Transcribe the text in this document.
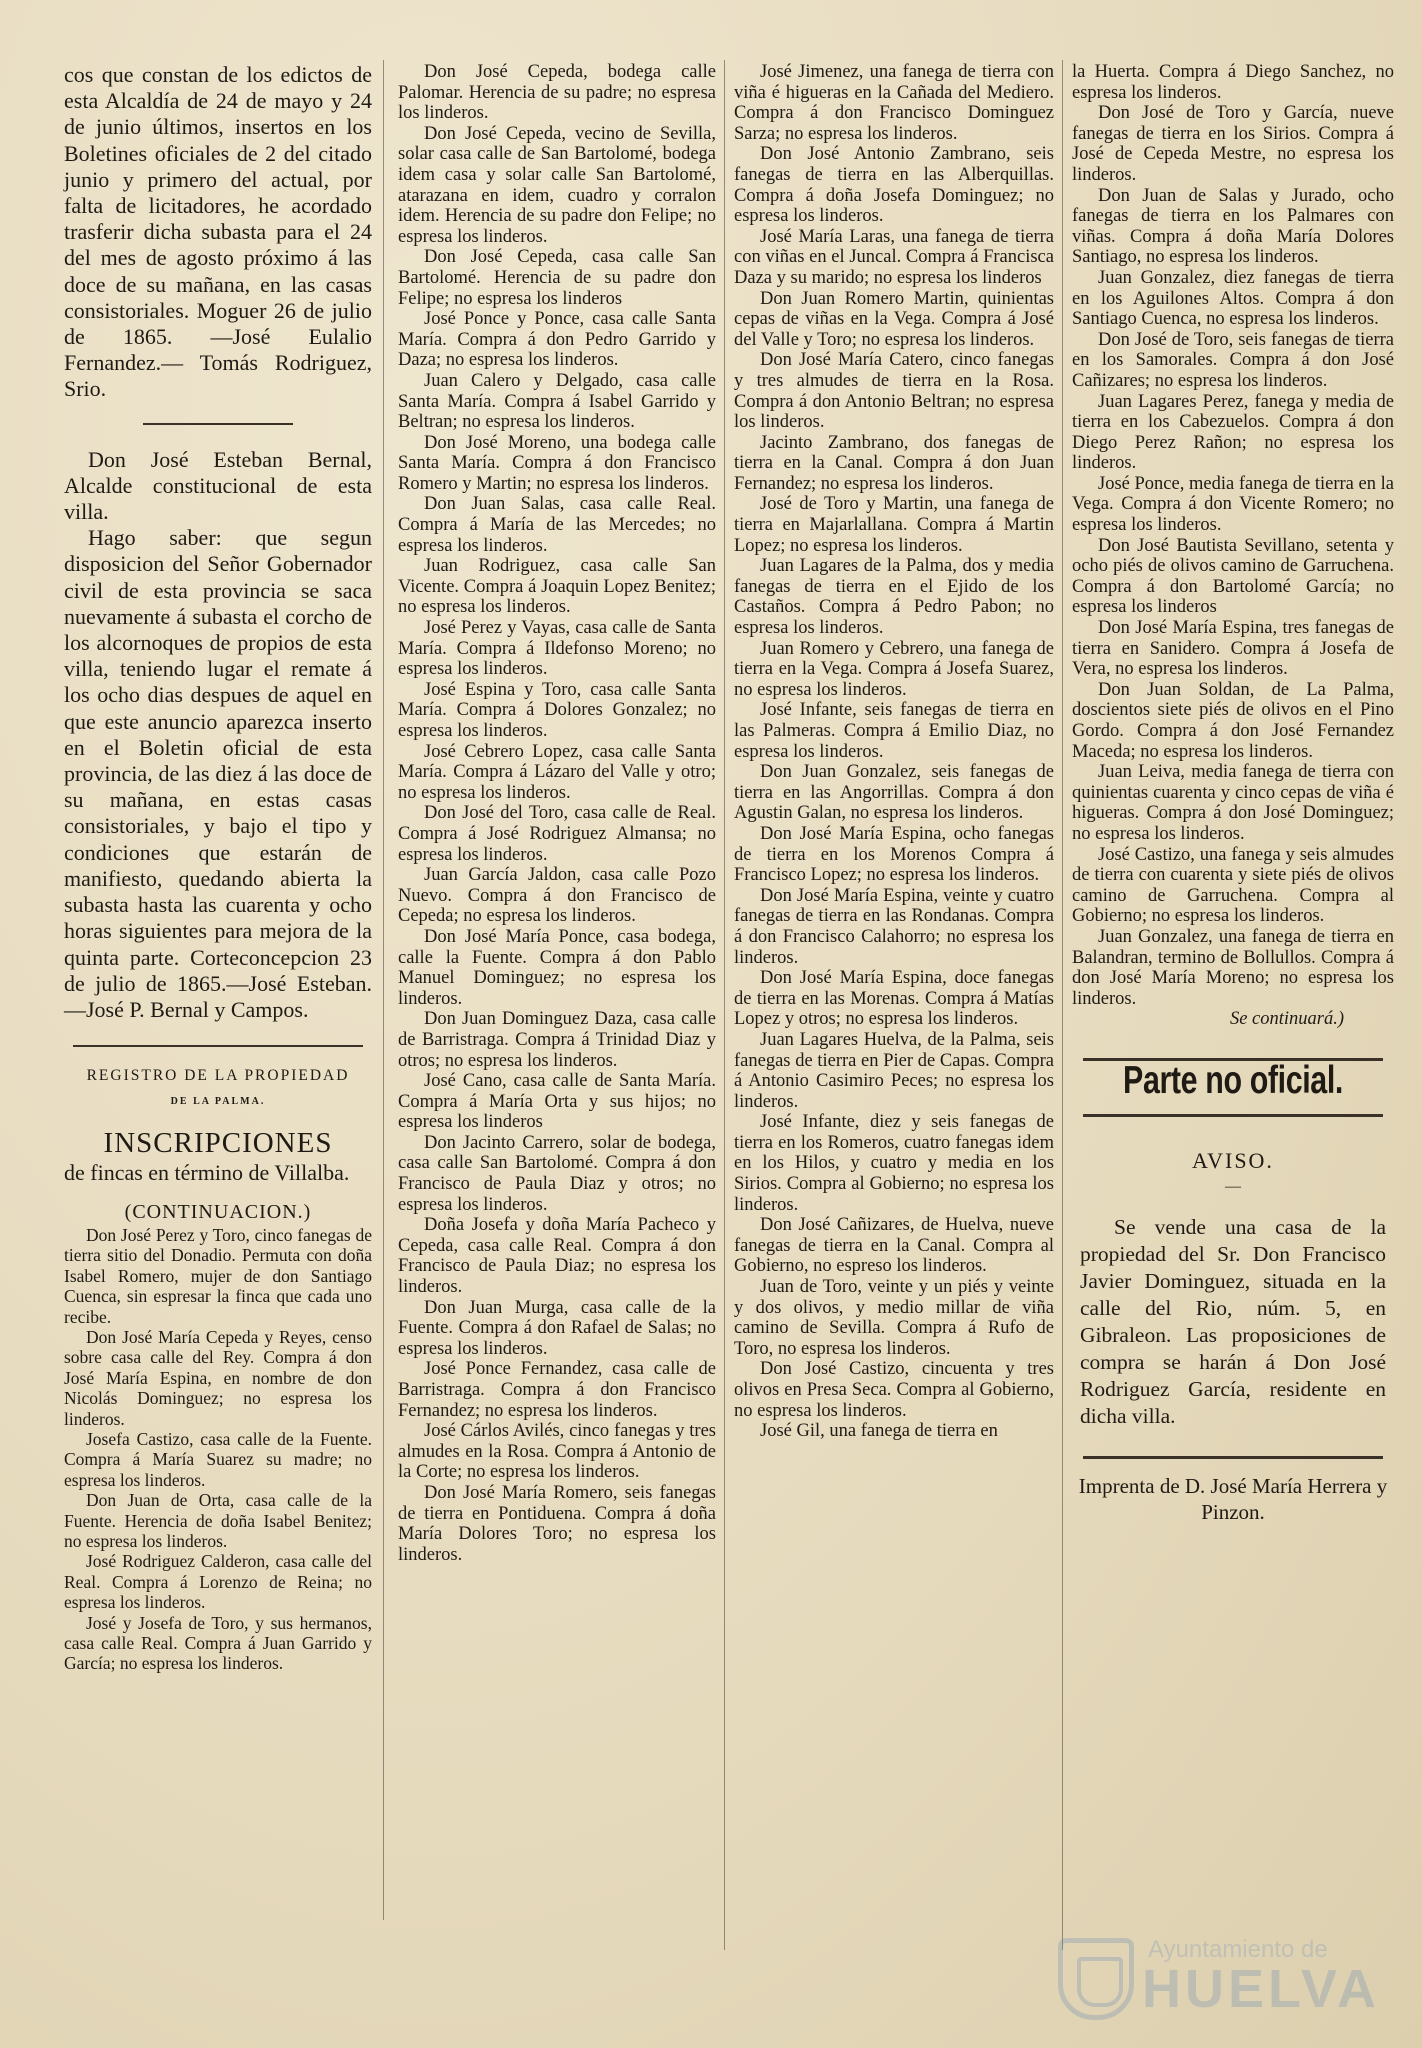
cos que constan de los edictos de esta Alcaldía de 24 de mayo y 24 de junio últimos, insertos en los Boletines oficiales de 2 del citado junio y primero del actual, por falta de licitadores, he acordado trasferir dicha subasta para el 24 del mes de agosto próximo á las doce de su mañana, en las casas consistoriales. Moguer 26 de julio de 1865. —José Eulalio Fernandez.— Tomás Rodriguez, Srio.

Don José Esteban Bernal, Alcalde constitucional de esta villa.

Hago saber: que segun disposicion del Señor Gobernador civil de esta provincia se saca nuevamente á subasta el corcho de los alcornoques de propios de esta villa, teniendo lugar el remate á los ocho dias despues de aquel en que este anuncio aparezca inserto en el Boletin oficial de esta provincia, de las diez á las doce de su mañana, en estas casas consistoriales, y bajo el tipo y condiciones que estarán de manifiesto, quedando abierta la subasta hasta las cuarenta y ocho horas siguientes para mejora de la quinta parte. Corteconcepcion 23 de julio de 1865.—José Esteban.—José P. Bernal y Campos.

REGISTRO DE LA PROPIEDAD
DE LA PALMA.
INSCRIPCIONES
de fincas en término de Villalba.
(CONTINUACION.)

Don José Perez y Toro, cinco fanegas de tierra sitio del Donadio. Permuta con doña Isabel Romero, mujer de don Santiago Cuenca, sin espresar la finca que cada uno recibe.

Don José María Cepeda y Reyes, censo sobre casa calle del Rey. Compra á don José María Espina, en nombre de don Nicolás Dominguez; no espresa los linderos.

Josefa Castizo, casa calle de la Fuente. Compra á María Suarez su madre; no espresa los linderos.

Don Juan de Orta, casa calle de la Fuente. Herencia de doña Isabel Benitez; no espresa los linderos.

José Rodriguez Calderon, casa calle del Real. Compra á Lorenzo de Reina; no espresa los linderos.

José y Josefa de Toro, y sus hermanos, casa calle Real. Compra á Juan Garrido y García; no espresa los linderos.

Don José Cepeda, bodega calle Palomar. Herencia de su padre; no espresa los linderos.

Don José Cepeda, vecino de Sevilla, solar casa calle de San Bartolomé, bodega idem casa y solar calle San Bartolomé, atarazana en idem, cuadro y corralon idem. Herencia de su padre don Felipe; no espresa los linderos.

Don José Cepeda, casa calle San Bartolomé. Herencia de su padre don Felipe; no espresa los linderos

José Ponce y Ponce, casa calle Santa María. Compra á don Pedro Garrido y Daza; no espresa los linderos.

Juan Calero y Delgado, casa calle Santa María. Compra á Isabel Garrido y Beltran; no espresa los linderos.

Don José Moreno, una bodega calle Santa María. Compra á don Francisco Romero y Martin; no espresa los linderos.

Don Juan Salas, casa calle Real. Compra á María de las Mercedes; no espresa los linderos.

Juan Rodriguez, casa calle San Vicente. Compra á Joaquin Lopez Benitez; no espresa los linderos.

José Perez y Vayas, casa calle de Santa María. Compra á Ildefonso Moreno; no espresa los linderos.

José Espina y Toro, casa calle Santa María. Compra á Dolores Gonzalez; no espresa los linderos.

José Cebrero Lopez, casa calle Santa María. Compra á Lázaro del Valle y otro; no espresa los linderos.

Don José del Toro, casa calle de Real. Compra á José Rodriguez Almansa; no espresa los linderos.

Juan García Jaldon, casa calle Pozo Nuevo. Compra á don Francisco de Cepeda; no espresa los linderos.

Don José María Ponce, casa bodega, calle la Fuente. Compra á don Pablo Manuel Dominguez; no espresa los linderos.

Don Juan Dominguez Daza, casa calle de Barristraga. Compra á Trinidad Diaz y otros; no espresa los linderos.

José Cano, casa calle de Santa María. Compra á María Orta y sus hijos; no espresa los linderos

Don Jacinto Carrero, solar de bodega, casa calle San Bartolomé. Compra á don Francisco de Paula Diaz y otros; no espresa los linderos.

Doña Josefa y doña María Pacheco y Cepeda, casa calle Real. Compra á don Francisco de Paula Diaz; no espresa los linderos.

Don Juan Murga, casa calle de la Fuente. Compra á don Rafael de Salas; no espresa los linderos.

José Ponce Fernandez, casa calle de Barristraga. Compra á don Francisco Fernandez; no espresa los linderos.

José Cárlos Avilés, cinco fanegas y tres almudes en la Rosa. Compra á Antonio de la Corte; no espresa los linderos.

Don José María Romero, seis fanegas de tierra en Pontiduena. Compra á doña María Dolores Toro; no espresa los linderos.

José Jimenez, una fanega de tierra con viña é higueras en la Cañada del Mediero. Compra á don Francisco Dominguez Sarza; no espresa los linderos.

Don José Antonio Zambrano, seis fanegas de tierra en las Alberquillas. Compra á doña Josefa Dominguez; no espresa los linderos.

José María Laras, una fanega de tierra con viñas en el Juncal. Compra á Francisca Daza y su marido; no espresa los linderos

Don Juan Romero Martin, quinientas cepas de viñas en la Vega. Compra á José del Valle y Toro; no espresa los linderos.

Don José María Catero, cinco fanegas y tres almudes de tierra en la Rosa. Compra á don Antonio Beltran; no espresa los linderos.

Jacinto Zambrano, dos fanegas de tierra en la Canal. Compra á don Juan Fernandez; no espresa los linderos.

José de Toro y Martin, una fanega de tierra en Majarlallana. Compra á Martin Lopez; no espresa los linderos.

Juan Lagares de la Palma, dos y media fanegas de tierra en el Ejido de los Castaños. Compra á Pedro Pabon; no espresa los linderos.

Juan Romero y Cebrero, una fanega de tierra en la Vega. Compra á Josefa Suarez, no espresa los linderos.

José Infante, seis fanegas de tierra en las Palmeras. Compra á Emilio Diaz, no espresa los linderos.

Don Juan Gonzalez, seis fanegas de tierra en las Angorrillas. Compra á don Agustin Galan, no espresa los linderos.

Don José María Espina, ocho fanegas de tierra en los Morenos Compra á Francisco Lopez; no espresa los linderos.

Don José María Espina, veinte y cuatro fanegas de tierra en las Rondanas. Compra á don Francisco Calahorro; no espresa los linderos.

Don José María Espina, doce fanegas de tierra en las Morenas. Compra á Matías Lopez y otros; no espresa los linderos.

Juan Lagares Huelva, de la Palma, seis fanegas de tierra en Pier de Capas. Compra á Antonio Casimiro Peces; no espresa los linderos.

José Infante, diez y seis fanegas de tierra en los Romeros, cuatro fanegas idem en los Hilos, y cuatro y media en los Sirios. Compra al Gobierno; no espresa los linderos.

Don José Cañizares, de Huelva, nueve fanegas de tierra en la Canal. Compra al Gobierno, no espreso los linderos.

Juan de Toro, veinte y un piés y veinte y dos olivos, y medio millar de viña camino de Sevilla. Compra á Rufo de Toro, no espresa los linderos.

Don José Castizo, cincuenta y tres olivos en Presa Seca. Compra al Gobierno, no espresa los linderos.

José Gil, una fanega de tierra en

la Huerta. Compra á Diego Sanchez, no espresa los linderos.

Don José de Toro y García, nueve fanegas de tierra en los Sirios. Compra á José de Cepeda Mestre, no espresa los linderos.

Don Juan de Salas y Jurado, ocho fanegas de tierra en los Palmares con viñas. Compra á doña María Dolores Santiago, no espresa los linderos.

Juan Gonzalez, diez fanegas de tierra en los Aguilones Altos. Compra á don Santiago Cuenca, no espresa los linderos.

Don José de Toro, seis fanegas de tierra en los Samorales. Compra á don José Cañizares; no espresa los linderos.

Juan Lagares Perez, fanega y media de tierra en los Cabezuelos. Compra á don Diego Perez Rañon; no espresa los linderos.

José Ponce, media fanega de tierra en la Vega. Compra á don Vicente Romero; no espresa los linderos.

Don José Bautista Sevillano, setenta y ocho piés de olivos camino de Garruchena. Compra á don Bartolomé García; no espresa los linderos

Don José María Espina, tres fanegas de tierra en Sanidero. Compra á Josefa de Vera, no espresa los linderos.

Don Juan Soldan, de La Palma, doscientos siete piés de olivos en el Pino Gordo. Compra á don José Fernandez Maceda; no espresa los linderos.

Juan Leiva, media fanega de tierra con quinientas cuarenta y cinco cepas de viña é higueras. Compra á don José Dominguez; no espresa los linderos.

José Castizo, una fanega y seis almudes de tierra con cuarenta y siete piés de olivos camino de Garruchena. Compra al Gobierno; no espresa los linderos.

Juan Gonzalez, una fanega de tierra en Balandran, termino de Bollullos. Compra á don José María Moreno; no espresa los linderos.

Se continuará.)

Parte no oficial.
AVISO.
—
Se vende una casa de la propiedad del Sr. Don Francisco Javier Dominguez, situada en la calle del Rio, núm. 5, en Gibraleon. Las proposiciones de compra se harán á Don José Rodriguez García, residente en dicha villa.
Imprenta de D. José María Herrera y Pinzon.
Ayuntamiento de
HUELVA
